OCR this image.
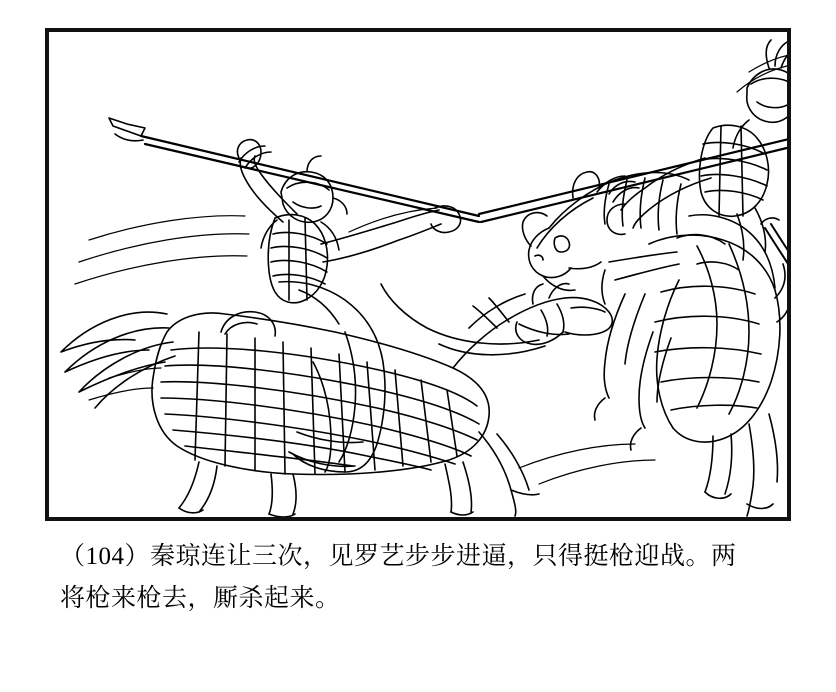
（104）秦琼连让三次，见罗艺步步进逼，只得挺枪迎战。两
将枪来枪去，厮杀起来。
